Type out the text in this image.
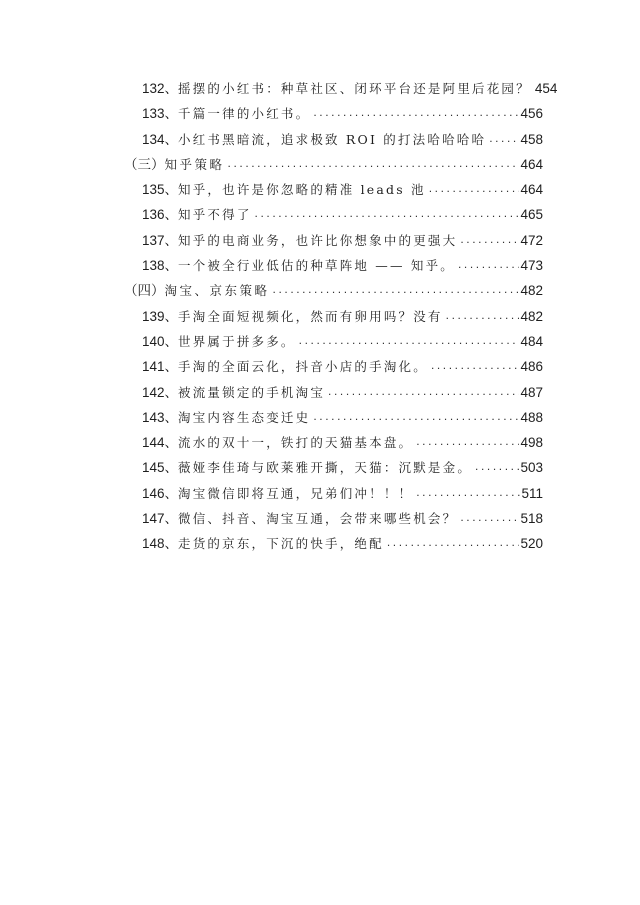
132、 摇摆的小红书：种草社区、闭环平台还是阿里后花园？ 454
133、 千篇一律的小红书。 .....	456
134、 小红书黑暗流，追求极致 ROI 的打法哈哈哈哈 .....	458
（三） 知乎策略 .....	464
135、 知乎，也许是你忽略的精准 leads 池 .....	464
136、 知乎不得了 .....	465
137、 知乎的电商业务，也许比你想象中的更强大 .....	472
138、 一个被全行业低估的种草阵地 —— 知乎。 .....	473
（四） 淘宝、京东策略 .....	482
139、 手淘全面短视频化，然而有卵用吗？没有 .....	482
140、 世界属于拼多多。 .....	484
141、 手淘的全面云化，抖音小店的手淘化。 .....	486
142、 被流量锁定的手机淘宝 .....	487
143、 淘宝内容生态变迁史 .....	488
144、 流水的双十一，铁打的天猫基本盘。 .....	498
145、 薇娅李佳琦与欧莱雅开撕，天猫：沉默是金。 .....	503
146、 淘宝微信即将互通，兄弟们冲！！！ .....	511
147、 微信、抖音、淘宝互通，会带来哪些机会？ .....	518
148、 走货的京东，下沉的快手，绝配 .....	520
